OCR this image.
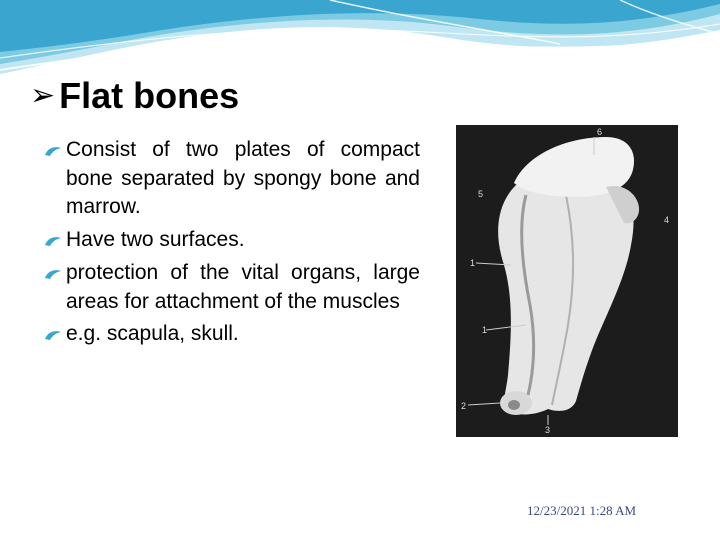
➢ Flat bones
Consist of two plates of compact bone separated by spongy bone and marrow.
Have two surfaces.
protection of the vital organs, large areas for attachment of the muscles
e.g. scapula, skull.
6
5
4
1
1
2
3
12/23/2021 1:28 AM
